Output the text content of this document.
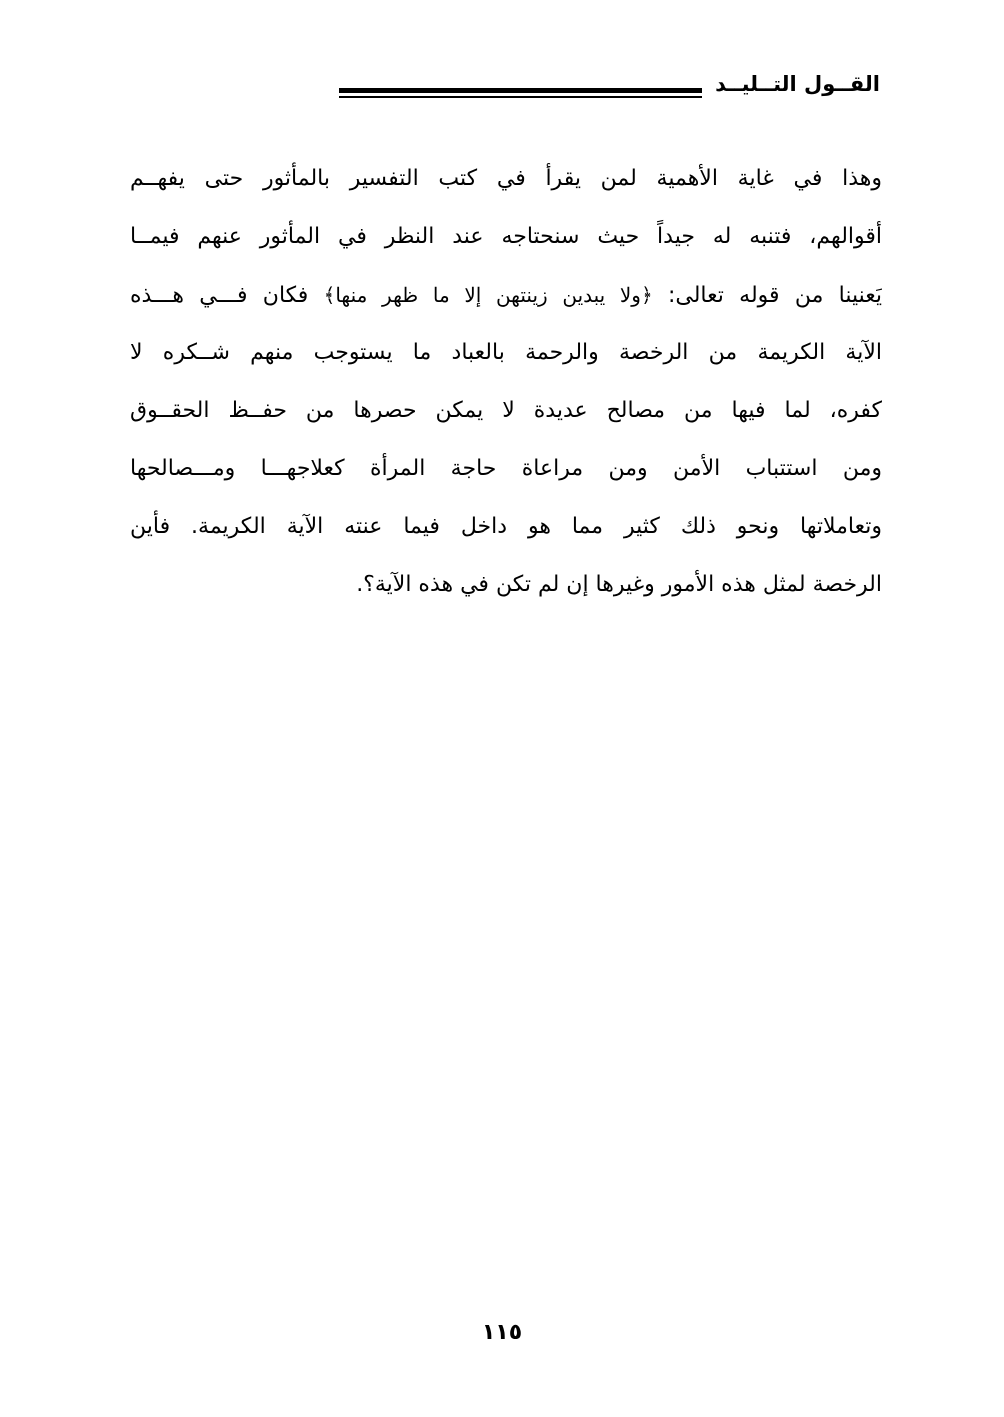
القــول التــليــد
وهذا في غاية الأهمية لمن يقرأ في كتب التفسير بالمأثور حتى يفهــم
أقوالهم، فتنبه له جيداً حيث سنحتاجه عند النظر في المأثور عنهم فيمــا
يَعنينا من قوله تعالى: ﴿ولا يبدين زينتهن إلا ما ظهر منها﴾ فكان فـــي هـــذه
الآية الكريمة من الرخصة والرحمة بالعباد ما يستوجب منهم شــكره لا
كفره، لما فيها من مصالح عديدة لا يمكن حصرها من حفــظ الحقــوق
ومن استتباب الأمن ومن مراعاة حاجة المرأة كعلاجهـــا ومـــصالحها
وتعاملاتها ونحو ذلك كثير مما هو داخل فيما عنته الآية الكريمة. فأين
الرخصة لمثل هذه الأمور وغيرها إن لم تكن في هذه الآية؟.
١١٥
